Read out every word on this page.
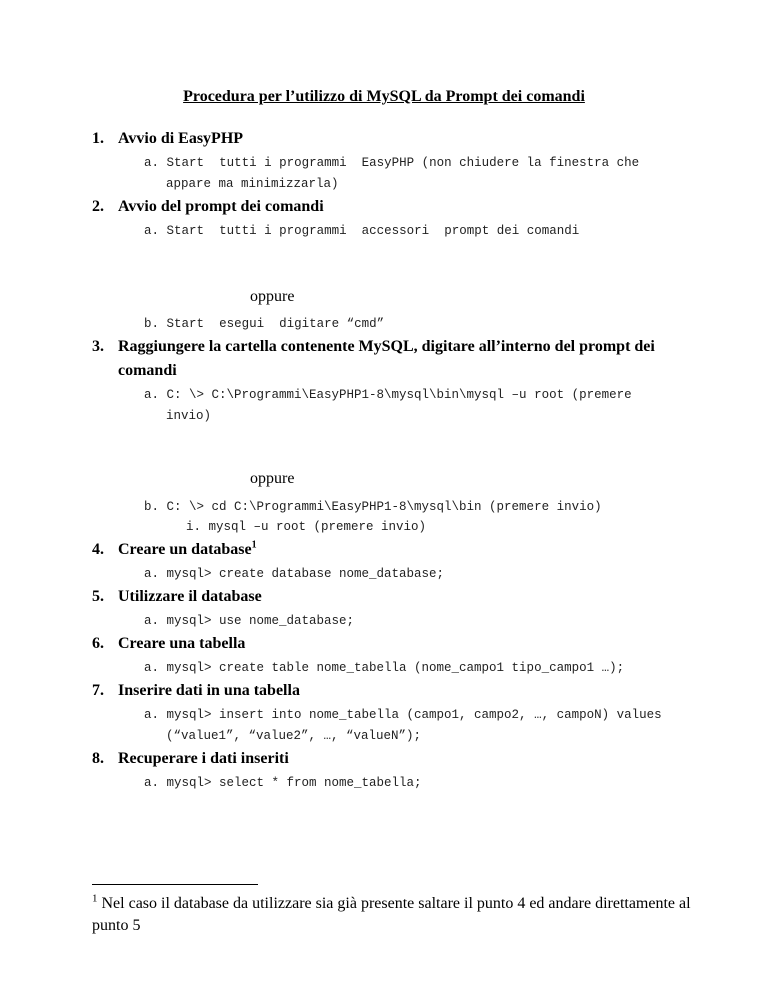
Procedura per l’utilizzo di MySQL da Prompt dei comandi

1. Avvio di EasyPHP

a. Start tutti i programmi EasyPHP (non chiudere la finestra che

appare ma minimizzarla)

2. Avvio del prompt dei comandi

a. Start tutti i programmi accessori prompt dei comandi

oppure

b. Start esegui digitare “cmd”

3. Raggiungere la cartella contenente MySQL, digitare all’interno del prompt dei

comandi

a. C: \> C:\Programmi\EasyPHP1-8\mysql\bin\mysql –u root (premere

invio)

oppure

b. C: \> cd C:\Programmi\EasyPHP1-8\mysql\bin (premere invio)

i. mysql –u root (premere invio)

4. Creare un database$^1$

a. mysql> create database nome_database;

5. Utilizzare il database

a. mysql> use nome_database;

6. Creare una tabella

a. mysql> create table nome_tabella (nome_campo1 tipo_campo1 …);

7. Inserire dati in una tabella

a. mysql> insert into nome_tabella (campo1, campo2, …, campoN) values

(“value1”, “value2”, …, “valueN”);

8. Recuperare i dati inseriti

a. mysql> select * from nome_tabella;

$^1$ Nel caso il database da utilizzare sia già presente saltare il punto 4 ed andare direttamente al punto 5
